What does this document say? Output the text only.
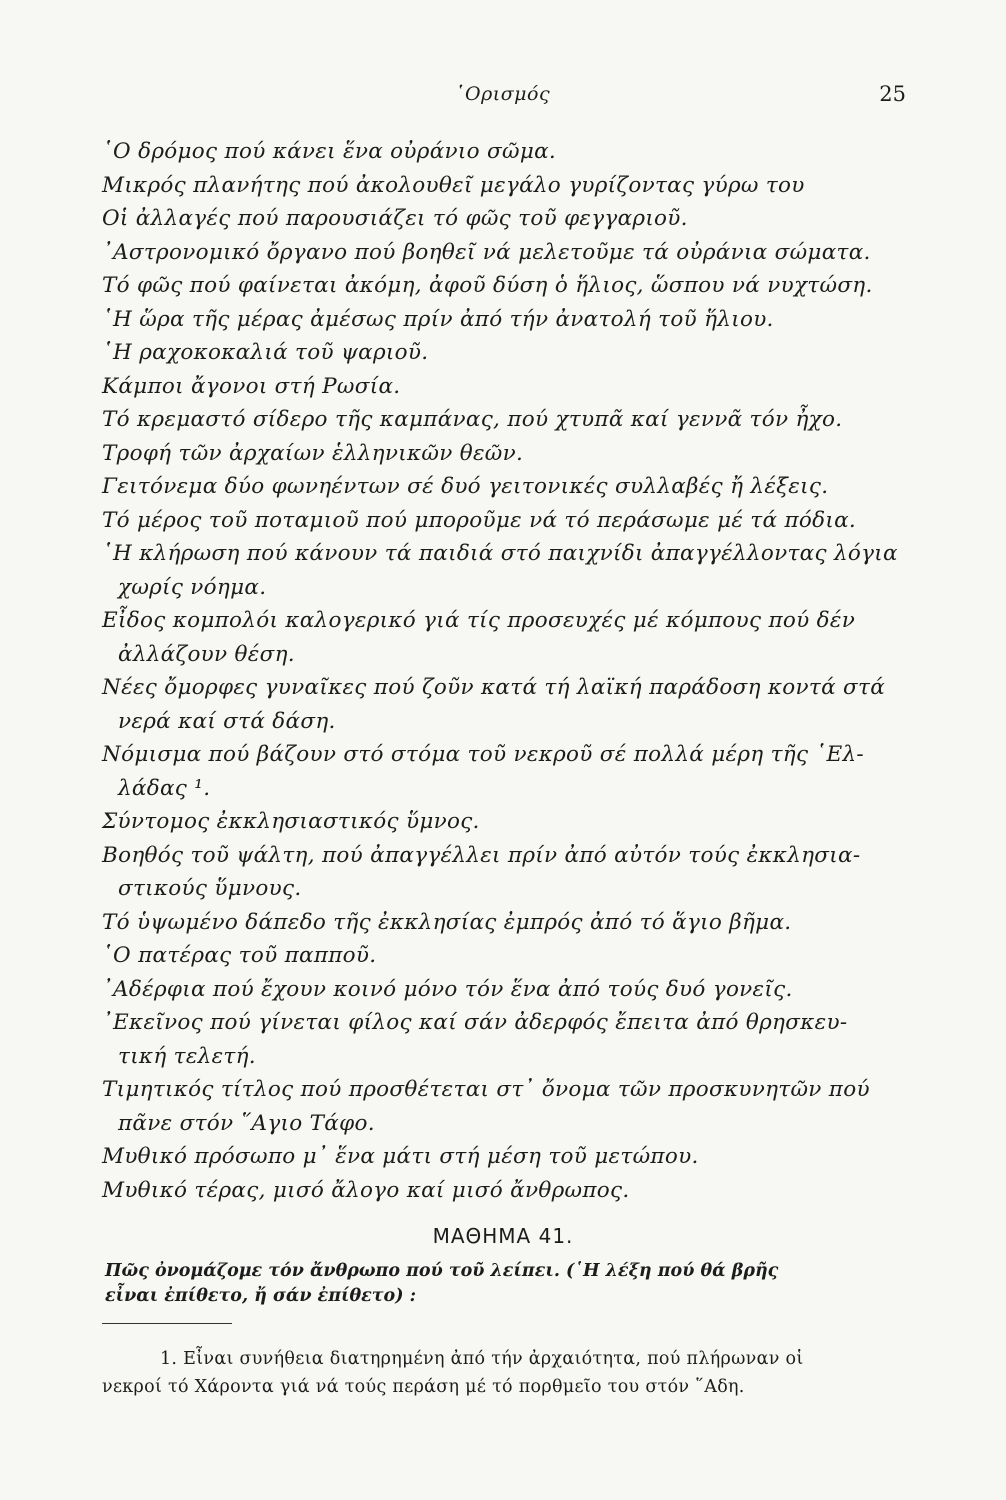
῾Ορισμός	25
῾Ο δρόμος πού κάνει ἕνα οὐράνιο σῶμα.
Μικρός πλανήτης πού ἀκολουθεῖ μεγάλο γυρίζοντας γύρω του
Οἱ ἀλλαγές πού παρουσιάζει τό φῶς τοῦ φεγγαριοῦ.
᾿Αστρονομικό ὄργανο πού βοηθεῖ νά μελετοῦμε τά οὐράνια σώματα.
Τό φῶς πού φαίνεται ἀκόμη, ἀφοῦ δύση ὁ ἥλιος, ὥσπου νά νυχτώση.
῾Η ὥρα τῆς μέρας ἀμέσως πρίν ἀπό τήν ἀνατολή τοῦ ἥλιου.
῾Η ραχοκοκαλιά τοῦ ψαριοῦ.
Κάμποι ἄγονοι στή Ρωσία.
Τό κρεμαστό σίδερο τῆς καμπάνας, πού χτυπᾶ καί γεννᾶ τόν ἦχο.
Τροφή τῶν ἀρχαίων ἑλληνικῶν θεῶν.
Γειτόνεμα δύο φωνηέντων σέ δυό γειτονικές συλλαβές ἤ λέξεις.
Τό μέρος τοῦ ποταμιοῦ πού μποροῦμε νά τό περάσωμε μέ τά πόδια.
῾Η κλήρωση πού κάνουν τά παιδιά στό παιχνίδι ἀπαγγέλλοντας λόγια
χωρίς νόημα.
Εἶδος κομπολόι καλογερικό γιά τίς προσευχές μέ κόμπους πού δέν
ἀλλάζουν θέση.
Νέες ὄμορφες γυναῖκες πού ζοῦν κατά τή λαϊκή παράδοση κοντά στά
νερά καί στά δάση.
Νόμισμα πού βάζουν στό στόμα τοῦ νεκροῦ σέ πολλά μέρη τῆς ῾Ελ-
λάδας ¹.
Σύντομος ἐκκλησιαστικός ὕμνος.
Βοηθός τοῦ ψάλτη, πού ἀπαγγέλλει πρίν ἀπό αὐτόν τούς ἐκκλησια-
στικούς ὕμνους.
Τό ὑψωμένο δάπεδο τῆς ἐκκλησίας ἐμπρός ἀπό τό ἅγιο βῆμα.
῾Ο πατέρας τοῦ παπποῦ.
᾿Αδέρφια πού ἔχουν κοινό μόνο τόν ἕνα ἀπό τούς δυό γονεῖς.
᾿Εκεῖνος πού γίνεται φίλος καί σάν ἀδερφός ἔπειτα ἀπό θρησκευ-
τική τελετή.
Τιμητικός τίτλος πού προσθέτεται στ᾿ ὄνομα τῶν προσκυνητῶν πού
πᾶνε στόν ῞Αγιο Τάφο.
Μυθικό πρόσωπο μ᾿ ἕνα μάτι στή μέση τοῦ μετώπου.
Μυθικό τέρας, μισό ἄλογο καί μισό ἄνθρωπος.
ΜΑΘΗΜΑ 41.
Πῶς ὀνομάζομε τόν ἄνθρωπο πού τοῦ λείπει. (῾Η λέξη πού θά βρῆς
εἶναι ἐπίθετο, ἤ σάν ἐπίθετο) :
1. Εἶναι συνήθεια διατηρημένη ἀπό τήν ἀρχαιότητα, πού πλήρωναν οἱ
νεκροί τό Χάροντα γιά νά τούς περάση μέ τό πορθμεῖο του στόν ῞Αδη.
